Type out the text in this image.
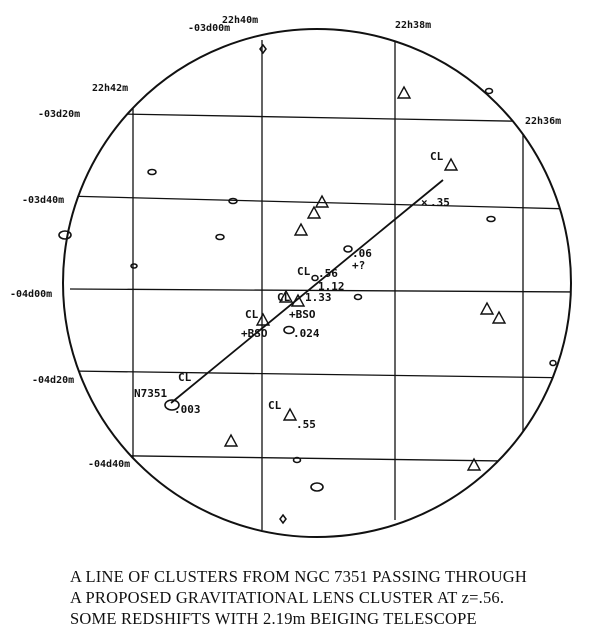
22h42m
22h40m	22h38m
22h36m
-03d00m
-03d20m
-03d40m
-04d00m
-04d20m
-04d40m
N7351
.003
.024
.06
.56
1.12
1.33
.35
.55
+?
CL
CL
CL
CL
CL
+BSO
+BSO
×
CL
A LINE OF CLUSTERS FROM NGC 7351 PASSING THROUGH
A PROPOSED GRAVITATIONAL LENS CLUSTER AT z=.56.
SOME REDSHIFTS WITH 2.19m BEIGING TELESCOPE
